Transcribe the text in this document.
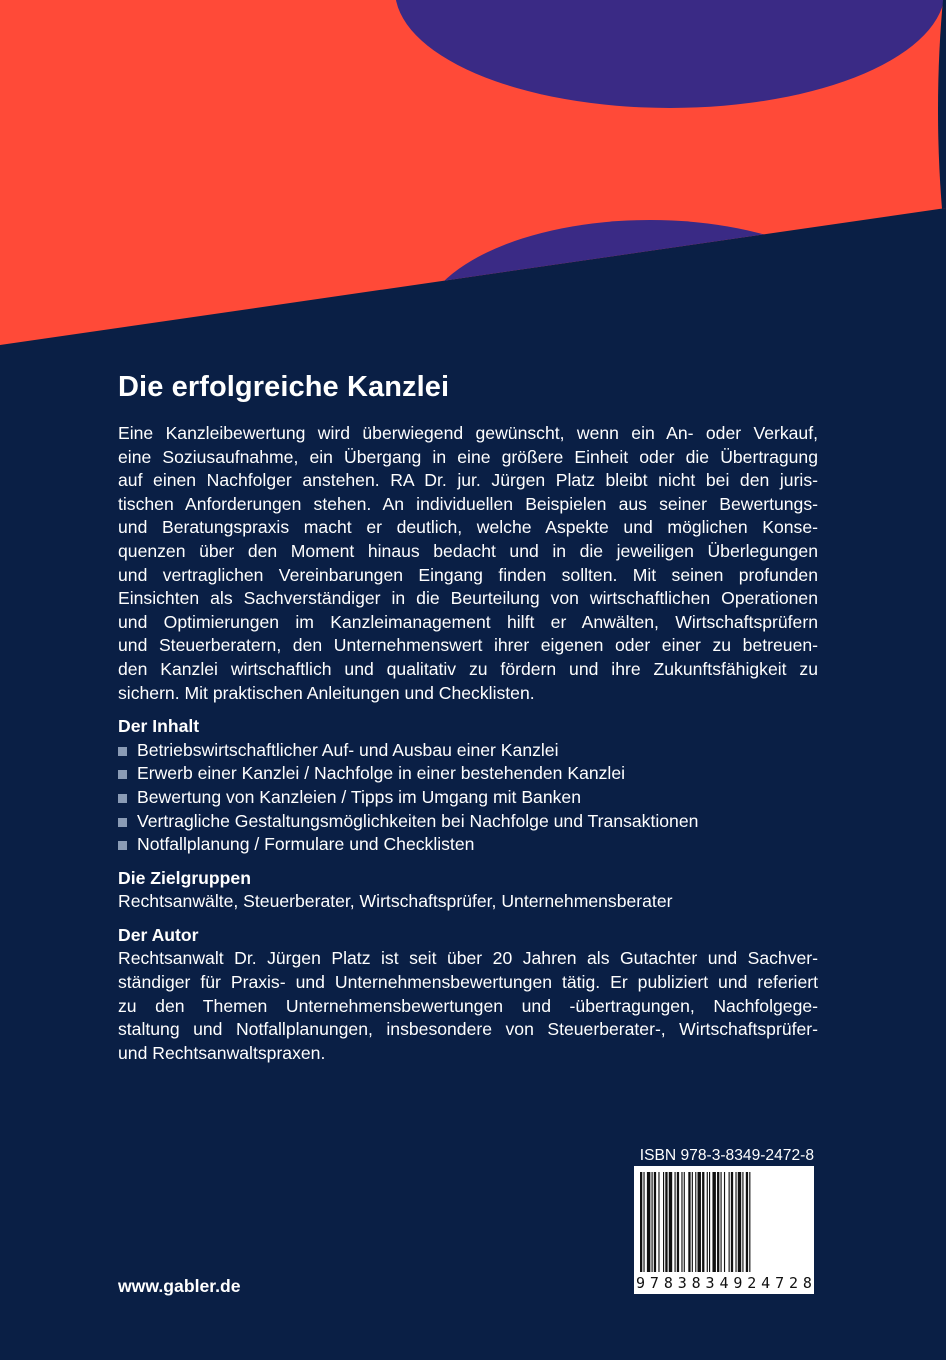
Die erfolgreiche Kanzlei
Eine Kanzleibewertung wird überwiegend gewünscht, wenn ein An- oder Verkauf,
eine Soziusaufnahme, ein Übergang in eine größere Einheit oder die Übertragung
auf einen Nachfolger anstehen. RA Dr. jur. Jürgen Platz bleibt nicht bei den juris-
tischen Anforderungen stehen. An individuellen Beispielen aus seiner Bewertungs-
und Beratungspraxis macht er deutlich, welche Aspekte und möglichen Konse-
quenzen über den Moment hinaus bedacht und in die jeweiligen Überlegungen
und vertraglichen Vereinbarungen Eingang finden sollten. Mit seinen profunden
Einsichten als Sachverständiger in die Beurteilung von wirtschaftlichen Operationen
und Optimierungen im Kanzleimanagement hilft er Anwälten, Wirtschaftsprüfern
und Steuerberatern, den Unternehmenswert ihrer eigenen oder einer zu betreuen-
den Kanzlei wirtschaftlich und qualitativ zu fördern und ihre Zukunftsfähigkeit zu
sichern. Mit praktischen Anleitungen und Checklisten.
Der Inhalt
Betriebswirtschaftlicher Auf- und Ausbau einer Kanzlei
Erwerb einer Kanzlei / Nachfolge in einer bestehenden Kanzlei
Bewertung von Kanzleien / Tipps im Umgang mit Banken
Vertragliche Gestaltungsmöglichkeiten bei Nachfolge und Transaktionen
Notfallplanung / Formulare und Checklisten
Die Zielgruppen

Rechtsanwälte, Steuerberater, Wirtschaftsprüfer, Unternehmensberater

Der Autor
Rechtsanwalt Dr. Jürgen Platz ist seit über 20 Jahren als Gutachter und Sachver-
ständiger für Praxis- und Unternehmensbewertungen tätig. Er publiziert und referiert
zu den Themen Unternehmensbewertungen und -übertragungen, Nachfolgege-
staltung und Notfallplanungen, insbesondere von Steuerberater-, Wirtschaftsprüfer-
und Rechtsanwaltspraxen.
www.gabler.de
ISBN 978-3-8349-2472-8
9 7 8 3 8 3 4 9 2 4 7 2 8
